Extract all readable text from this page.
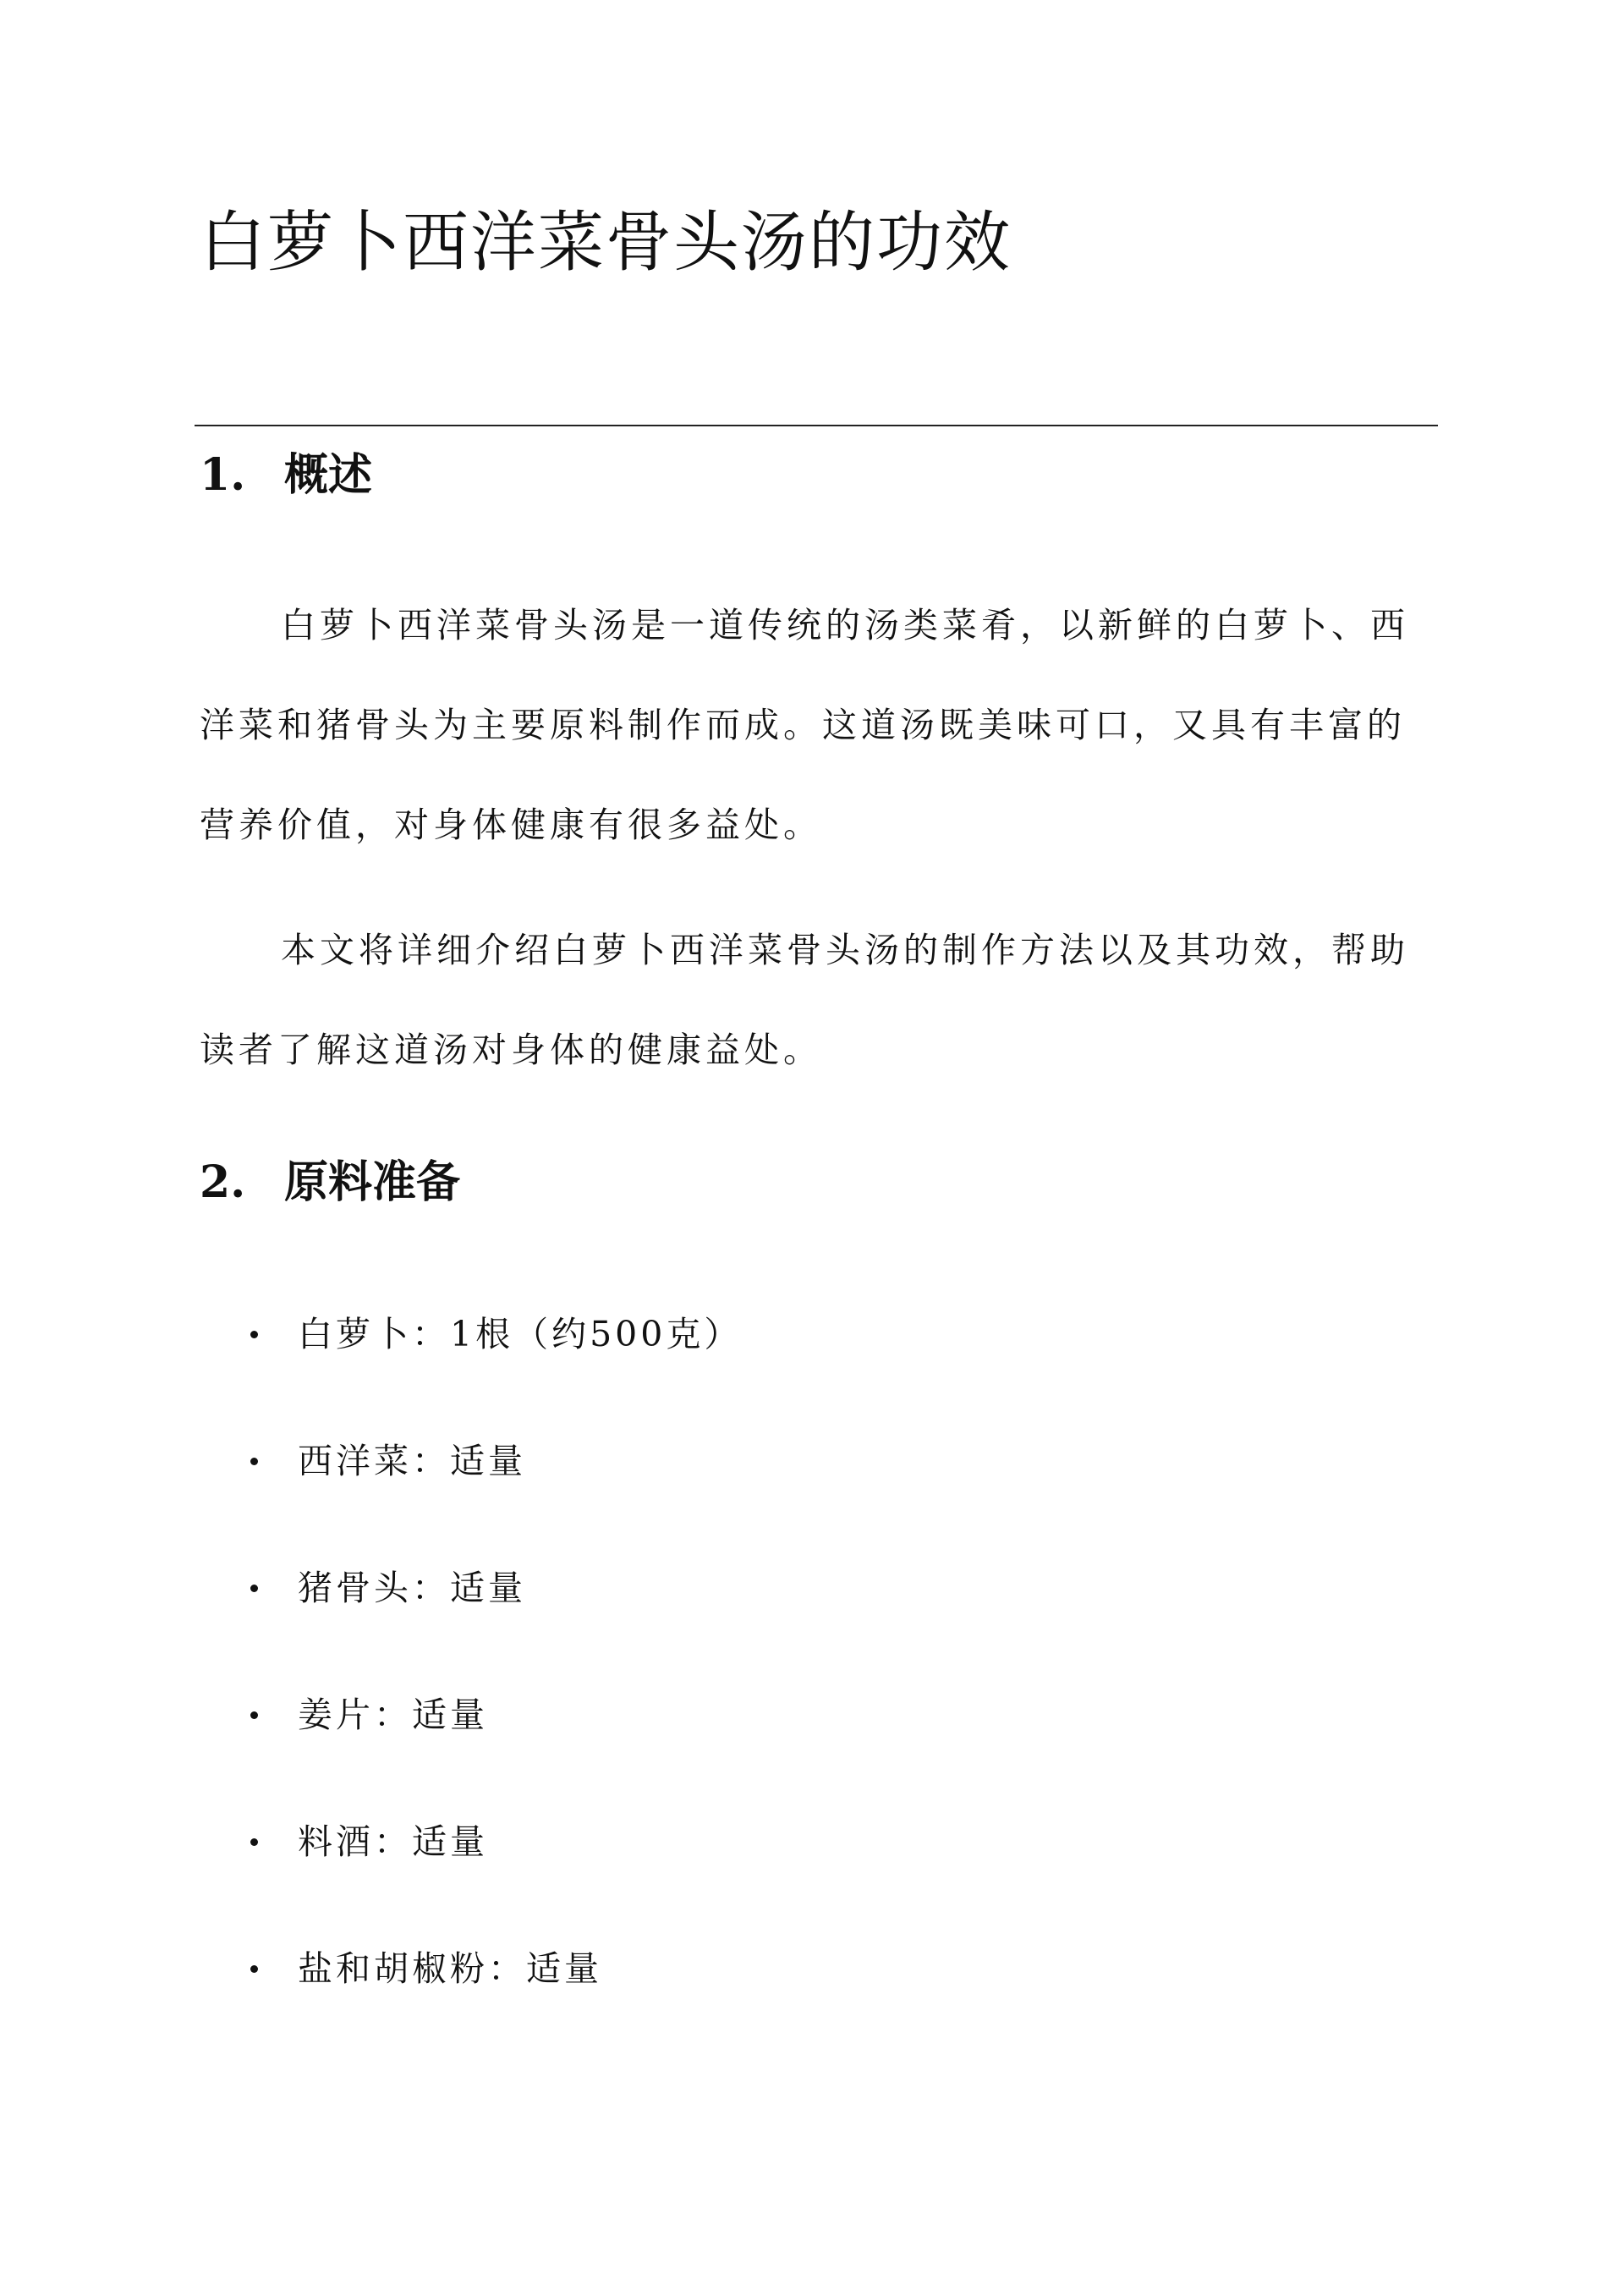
白萝卜西洋菜骨头汤的功效
1. 概述

白萝卜西洋菜骨头汤是一道传统的汤类菜肴，以新鲜的白萝卜、西洋菜和猪骨头为主要原料制作而成。这道汤既美味可口，又具有丰富的营养价值，对身体健康有很多益处。

本文将详细介绍白萝卜西洋菜骨头汤的制作方法以及其功效，帮助读者了解这道汤对身体的健康益处。

2. 原料准备
白萝卜：1根（约500克）
西洋菜：适量
猪骨头：适量
姜片：适量
料酒：适量
盐和胡椒粉：适量
